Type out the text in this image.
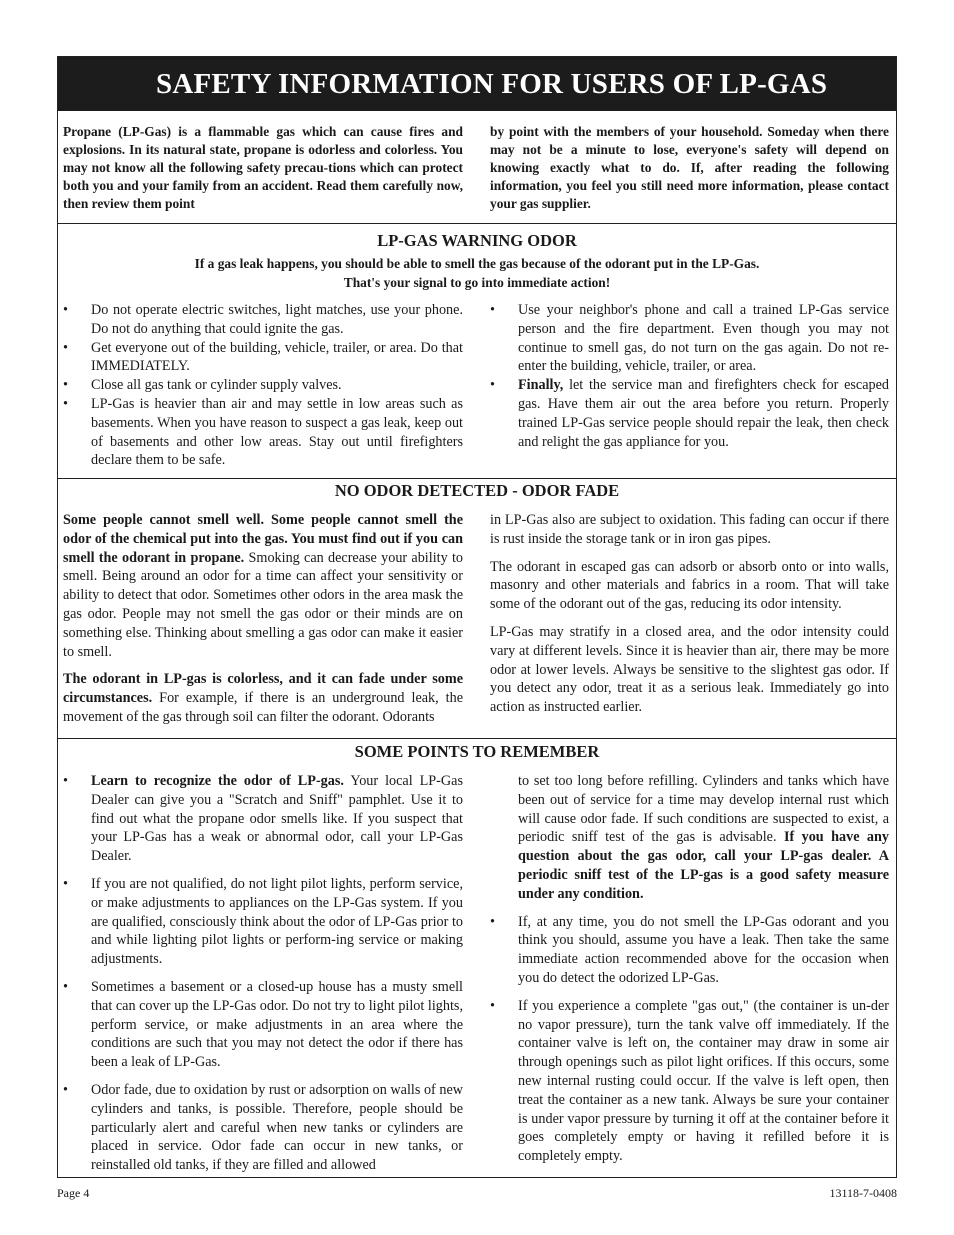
SAFETY INFORMATION FOR USERS OF LP-GAS
Propane (LP-Gas) is a flammable gas which can cause fires and explosions. In its natural state, propane is odorless and colorless. You may not know all the following safety precau-tions which can protect both you and your family from an accident. Read them carefully now, then review them point
by point with the members of your household. Someday when there may not be a minute to lose, everyone's safety will depend on knowing exactly what to do. If, after reading the following information, you feel you still need more information, please contact your gas supplier.
LP-GAS WARNING ODOR
If a gas leak happens, you should be able to smell the gas because of the odorant put in the LP-Gas.
That's your signal to go into immediate action!
• Do not operate electric switches, light matches, use your phone. Do not do anything that could ignite the gas.
• Get everyone out of the building, vehicle, trailer, or area. Do that IMMEDIATELY.
• Close all gas tank or cylinder supply valves.
• LP-Gas is heavier than air and may settle in low areas such as basements. When you have reason to suspect a gas leak, keep out of basements and other low areas. Stay out until firefighters declare them to be safe.
• Use your neighbor's phone and call a trained LP-Gas service person and the fire department. Even though you may not continue to smell gas, do not turn on the gas again. Do not re-enter the building, vehicle, trailer, or area.
• Finally, let the service man and firefighters check for escaped gas. Have them air out the area before you return. Properly trained LP-Gas service people should repair the leak, then check and relight the gas appliance for you.
NO ODOR DETECTED - ODOR FADE

Some people cannot smell well. Some people cannot smell the odor of the chemical put into the gas. You must find out if you can smell the odorant in propane. Smoking can decrease your ability to smell. Being around an odor for a time can affect your sensitivity or ability to detect that odor. Sometimes other odors in the area mask the gas odor. People may not smell the gas odor or their minds are on something else. Thinking about smelling a gas odor can make it easier to smell.

The odorant in LP-gas is colorless, and it can fade under some circumstances. For example, if there is an underground leak, the movement of the gas through soil can filter the odorant. Odorants

in LP-Gas also are subject to oxidation. This fading can occur if there is rust inside the storage tank or in iron gas pipes.

The odorant in escaped gas can adsorb or absorb onto or into walls, masonry and other materials and fabrics in a room. That will take some of the odorant out of the gas, reducing its odor intensity.

LP-Gas may stratify in a closed area, and the odor intensity could vary at different levels. Since it is heavier than air, there may be more odor at lower levels. Always be sensitive to the slightest gas odor. If you detect any odor, treat it as a serious leak. Immediately go into action as instructed earlier.

SOME POINTS TO REMEMBER
• Learn to recognize the odor of LP-gas. Your local LP-Gas Dealer can give you a "Scratch and Sniff" pamphlet. Use it to find out what the propane odor smells like. If you suspect that your LP-Gas has a weak or abnormal odor, call your LP-Gas Dealer.
• If you are not qualified, do not light pilot lights, perform service, or make adjustments to appliances on the LP-Gas system. If you are qualified, consciously think about the odor of LP-Gas prior to and while lighting pilot lights or perform-ing service or making adjustments.
• Sometimes a basement or a closed-up house has a musty smell that can cover up the LP-Gas odor. Do not try to light pilot lights, perform service, or make adjustments in an area where the conditions are such that you may not detect the odor if there has been a leak of LP-Gas.
• Odor fade, due to oxidation by rust or adsorption on walls of new cylinders and tanks, is possible. Therefore, people should be particularly alert and careful when new tanks or cylinders are placed in service. Odor fade can occur in new tanks, or reinstalled old tanks, if they are filled and allowed
to set too long before refilling. Cylinders and tanks which have been out of service for a time may develop internal rust which will cause odor fade. If such conditions are suspected to exist, a periodic sniff test of the gas is advisable. If you have any question about the gas odor, call your LP-gas dealer. A periodic sniff test of the LP-gas is a good safety measure under any condition.
• If, at any time, you do not smell the LP-Gas odorant and you think you should, assume you have a leak. Then take the same immediate action recommended above for the occasion when you do detect the odorized LP-Gas.
• If you experience a complete "gas out," (the container is un-der no vapor pressure), turn the tank valve off immediately. If the container valve is left on, the container may draw in some air through openings such as pilot light orifices. If this occurs, some new internal rusting could occur. If the valve is left open, then treat the container as a new tank. Always be sure your container is under vapor pressure by turning it off at the container before it goes completely empty or having it refilled before it is completely empty.
Page 4	13118-7-0408
